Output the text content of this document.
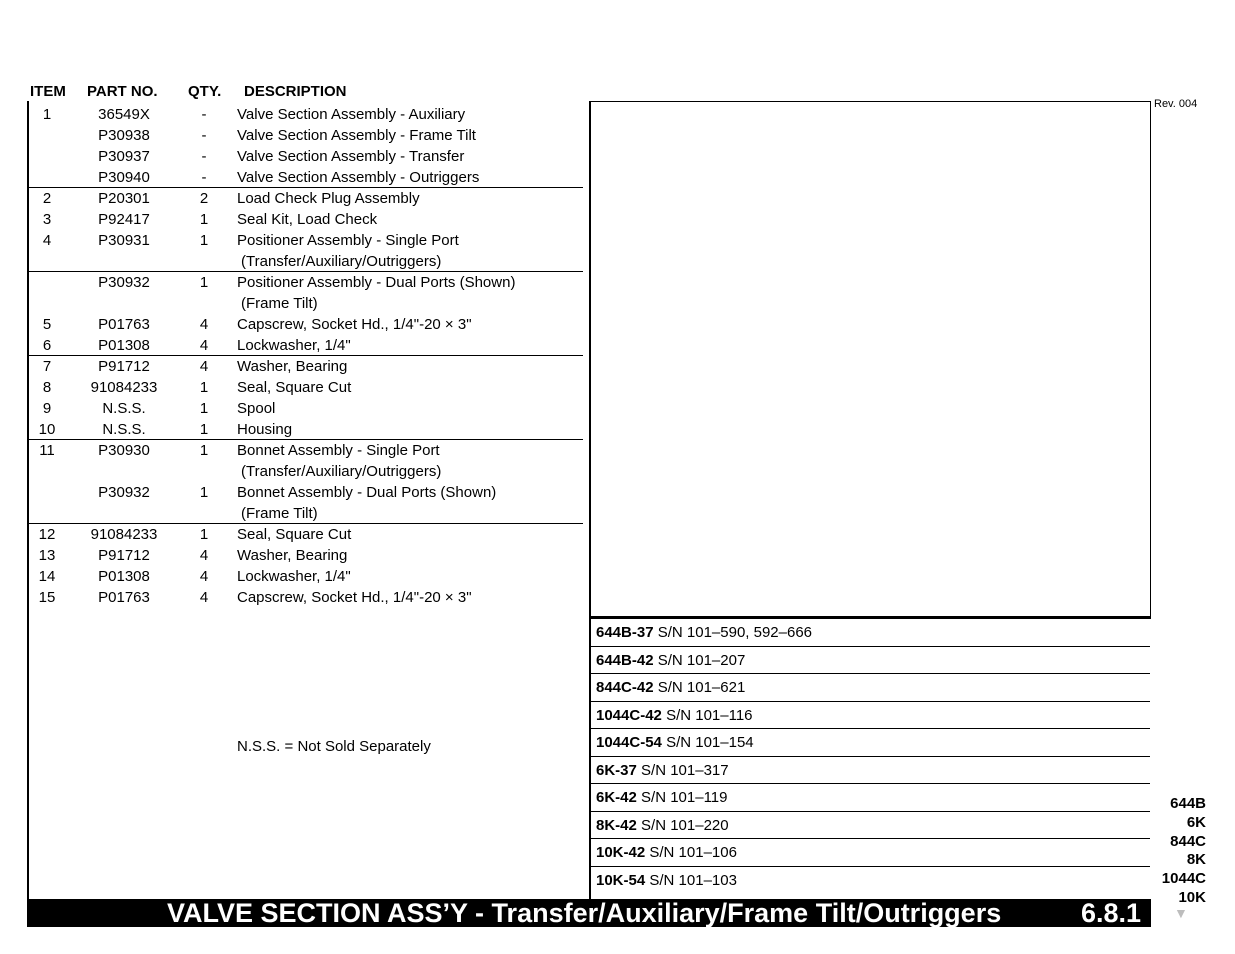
ITEM PART NO. QTY. DESCRIPTION
Rev. 004
1	36549X	-	Valve Section Assembly - Auxiliary
P30938	-	Valve Section Assembly - Frame Tilt
P30937	-	Valve Section Assembly - Transfer
P30940	-	Valve Section Assembly - Outriggers
2	P20301	2	Load Check Plug Assembly
3	P92417	1	Seal Kit, Load Check
4	P30931	1	Positioner Assembly - Single Port
(Transfer/Auxiliary/Outriggers)
P30932	1	Positioner Assembly - Dual Ports (Shown)
(Frame Tilt)
5	P01763	4	Capscrew, Socket Hd., 1/4"-20 × 3"
6	P01308	4	Lockwasher, 1/4"
7	P91712	4	Washer, Bearing
8	91084233	1	Seal, Square Cut
9	N.S.S.	1	Spool
10	N.S.S.	1	Housing
11	P30930	1	Bonnet Assembly - Single Port
(Transfer/Auxiliary/Outriggers)
P30932	1	Bonnet Assembly - Dual Ports (Shown)
(Frame Tilt)
12	91084233	1	Seal, Square Cut
13	P91712	4	Washer, Bearing
14	P01308	4	Lockwasher, 1/4"
15	P01763	4	Capscrew, Socket Hd., 1/4"-20 × 3"
N.S.S. = Not Sold Separately
644B-37 S/N 101–590, 592–666
644B-42 S/N 101–207
844C-42 S/N 101–621
1044C-42 S/N 101–116
1044C-54 S/N 101–154
6K-37 S/N 101–317
6K-42 S/N 101–119
8K-42 S/N 101–220
10K-42 S/N 101–106
10K-54 S/N 101–103
644B
6K
844C
8K
1044C
10K
▼
VALVE SECTION ASS’Y - Transfer/Auxiliary/Frame Tilt/Outriggers	6.8.1
